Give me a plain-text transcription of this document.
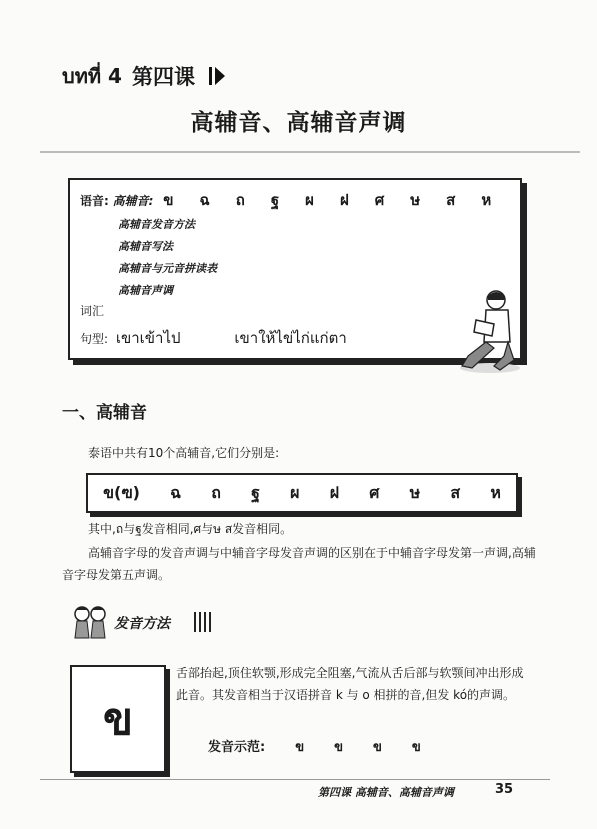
บทที่ 4 第四课
高辅音、高辅音声调
语音: 高辅音: ข ฉ ถ ฐ ผ ฝ ศ ษ ส ห
高辅音发音方法
高辅音写法
高辅音与元音拼读表
高辅音声调
词汇
句型: เขาเข้าไป	เขาให้ไข่ไก่แก่ตา
一、高辅音
泰语中共有10个高辅音,它们分别是:
ข(ฃ) ฉ ถ ฐ ผ ฝ ศ ษ ส ห
其中,ถ与ฐ发音相同,ศ与ษ ส发音相同。
高辅音字母的发音声调与中辅音字母发音声调的区别在于中辅音字母发第一声调,高辅音字母发第五声调。
发音方法
ข
舌部抬起,顶住软颚,形成完全阻塞,气流从舌后部与软颚间冲出形成此音。其发音相当于汉语拼音 k 与 o 相拼的音,但发 kó的声调。
发音示范: ข ข ข ข
第四课 高辅音、高辅音声调	35
